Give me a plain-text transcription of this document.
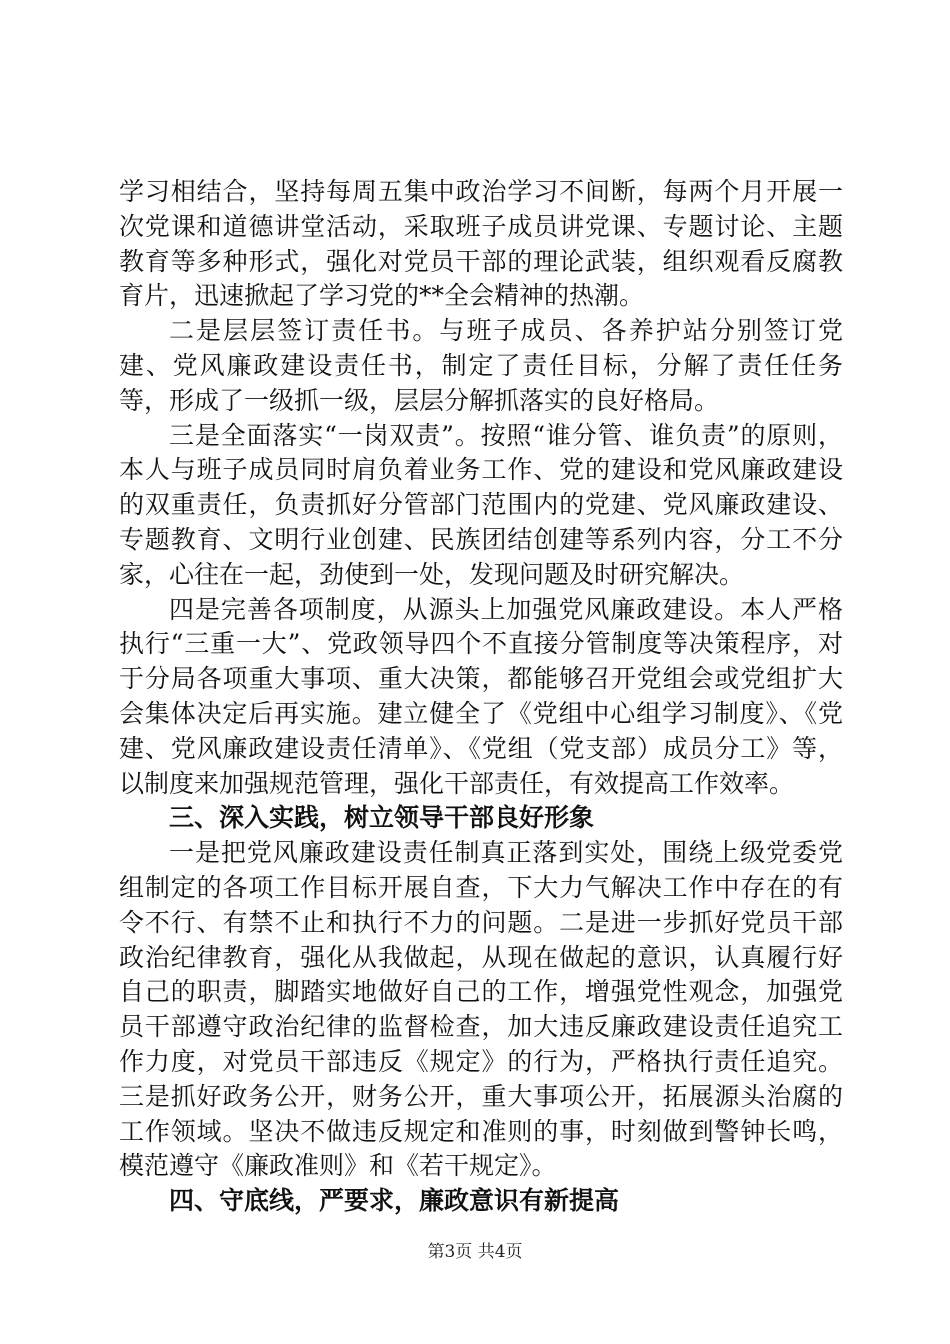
学习相结合，坚持每周五集中政治学习不间断，每两个月开展一次党课和道德讲堂活动，采取班子成员讲党课、专题讨论、主题教育等多种形式，强化对党员干部的理论武装，组织观看反腐教育片，迅速掀起了学习党的**全会精神的热潮。

二是层层签订责任书。与班子成员、各养护站分别签订党建、党风廉政建设责任书，制定了责任目标，分解了责任任务等，形成了一级抓一级，层层分解抓落实的良好格局。

三是全面落实“一岗双责”。按照“谁分管、谁负责”的原则，本人与班子成员同时肩负着业务工作、党的建设和党风廉政建设的双重责任，负责抓好分管部门范围内的党建、党风廉政建设、专题教育、文明行业创建、民族团结创建等系列内容，分工不分家，心往在一起，劲使到一处，发现问题及时研究解决。

四是完善各项制度，从源头上加强党风廉政建设。本人严格执行“三重一大”、党政领导四个不直接分管制度等决策程序，对于分局各项重大事项、重大决策，都能够召开党组会或党组扩大会集体决定后再实施。建立健全了《党组中心组学习制度》、《党建、党风廉政建设责任清单》、《党组（党支部）成员分工》等，以制度来加强规范管理，强化干部责任，有效提高工作效率。

三、深入实践，树立领导干部良好形象

一是把党风廉政建设责任制真正落到实处，围绕上级党委党组制定的各项工作目标开展自查，下大力气解决工作中存在的有令不行、有禁不止和执行不力的问题。二是进一步抓好党员干部政治纪律教育，强化从我做起，从现在做起的意识，认真履行好自己的职责，脚踏实地做好自己的工作，增强党性观念，加强党员干部遵守政治纪律的监督检查，加大违反廉政建设责任追究工作力度，对党员干部违反《规定》的行为，严格执行责任追究。三是抓好政务公开，财务公开，重大事项公开，拓展源头治腐的工作领域。坚决不做违反规定和准则的事，时刻做到警钟长鸣，模范遵守《廉政准则》和《若干规定》。

四、守底线，严要求，廉政意识有新提高

第3页 共4页
